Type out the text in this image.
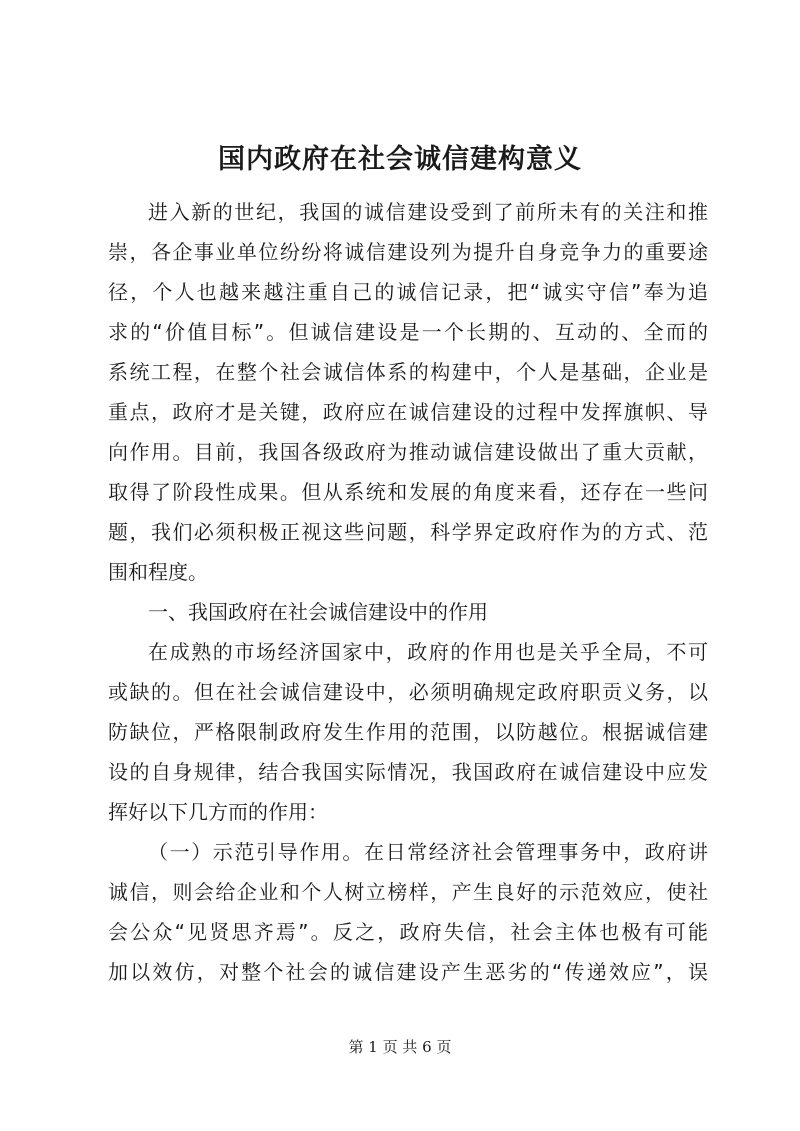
国内政府在社会诚信建构意义
进入新的世纪，我国的诚信建设受到了前所未有的关注和推
崇，各企事业单位纷纷将诚信建设列为提升自身竞争力的重要途
径，个人也越来越注重自己的诚信记录，把“诚实守信”奉为追
求的“价值目标”。但诚信建设是一个长期的、互动的、全而的
系统工程，在整个社会诚信体系的构建中，个人是基础，企业是
重点，政府才是关键，政府应在诚信建设的过程中发挥旗帜、导
向作用。目前，我国各级政府为推动诚信建设做出了重大贡献，
取得了阶段性成果。但从系统和发展的角度来看，还存在一些问
题，我们必须积极正视这些问题，科学界定政府作为的方式、范
围和程度。
一、我国政府在社会诚信建设中的作用
在成熟的市场经济国家中，政府的作用也是关乎全局，不可
或缺的。但在社会诚信建设中，必须明确规定政府职贡义务，以
防缺位，严格限制政府发生作用的范围，以防越位。根据诚信建
设的自身规律，结合我国实际情况，我国政府在诚信建设中应发
挥好以下几方而的作用：
（一）示范引导作用。在日常经济社会管理事务中，政府讲
诚信，则会给企业和个人树立榜样，产生良好的示范效应，使社
会公众“见贤思齐焉”。反之，政府失信，社会主体也极有可能
加以效仿，对整个社会的诚信建设产生恶劣的“传递效应”，误
第 1 页 共 6 页
